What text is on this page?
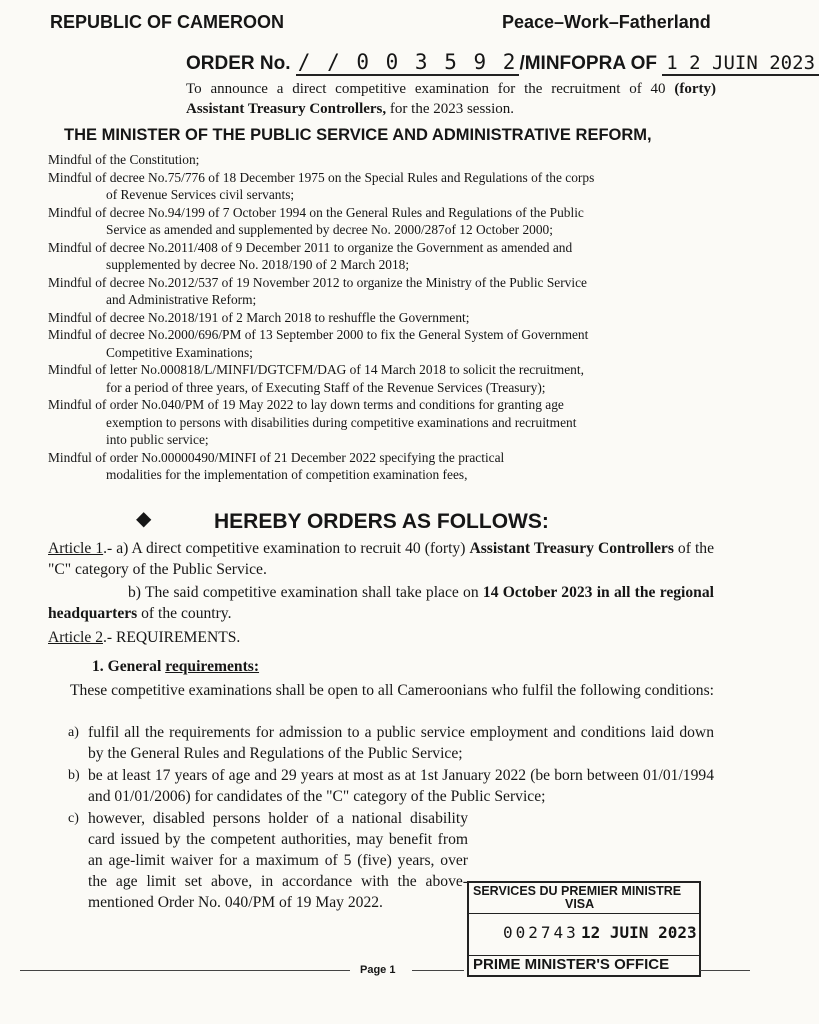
REPUBLIC OF CAMEROON	Peace–Work–Fatherland
ORDER No. / / 0 0 3 5 9 2 /MINFOPRA OF 1 2 JUIN 2023
To announce a direct competitive examination for the recruitment of 40 (forty) Assistant Treasury Controllers, for the 2023 session.
THE MINISTER OF THE PUBLIC SERVICE AND ADMINISTRATIVE REFORM,
Mindful of the Constitution;
Mindful of decree No.75/776 of 18 December 1975 on the Special Rules and Regulations of the corps
of Revenue Services civil servants;
Mindful of decree No.94/199 of 7 October 1994 on the General Rules and Regulations of the Public
Service as amended and supplemented by decree No. 2000/287of 12 October 2000;
Mindful of decree No.2011/408 of 9 December 2011 to organize the Government as amended and
supplemented by decree No. 2018/190 of 2 March 2018;
Mindful of decree No.2012/537 of 19 November 2012 to organize the Ministry of the Public Service
and Administrative Reform;
Mindful of decree No.2018/191 of 2 March 2018 to reshuffle the Government;
Mindful of decree No.2000/696/PM of 13 September 2000 to fix the General System of Government
Competitive Examinations;
Mindful of letter No.000818/L/MINFI/DGTCFM/DAG of 14 March 2018 to solicit the recruitment,
for a period of three years, of Executing Staff of the Revenue Services (Treasury);
Mindful of order No.040/PM of 19 May 2022 to lay down terms and conditions for granting age
exemption to persons with disabilities during competitive examinations and recruitment
into public service;
Mindful of order No.00000490/MINFI of 21 December 2022 specifying the practical
modalities for the implementation of competition examination fees,
◆	HEREBY ORDERS AS FOLLOWS:
Article 1.- a) A direct competitive examination to recruit 40 (forty) Assistant Treasury Controllers of the "C" category of the Public Service.
b) The said competitive examination shall take place on 14 October 2023 in all the regional headquarters of the country.
Article 2.- REQUIREMENTS.
1. General requirements:
These competitive examinations shall be open to all Cameroonians who fulfil the following conditions:
a) fulfil all the requirements for admission to a public service employment and conditions laid down by the General Rules and Regulations of the Public Service;
b) be at least 17 years of age and 29 years at most as at 1st January 2022 (be born between 01/01/1994 and 01/01/2006) for candidates of the "C" category of the Public Service;
c) however, disabled persons holder of a national disability card issued by the competent authorities, may benefit from an age-limit waiver for a maximum of 5 (five) years, over the age limit set above, in accordance with the above-mentioned Order No. 040/PM of 19 May 2022.
SERVICES DU PREMIER MINISTRE
VISA
002743 12 JUIN 2023
PRIME MINISTER'S OFFICE
Page 1
